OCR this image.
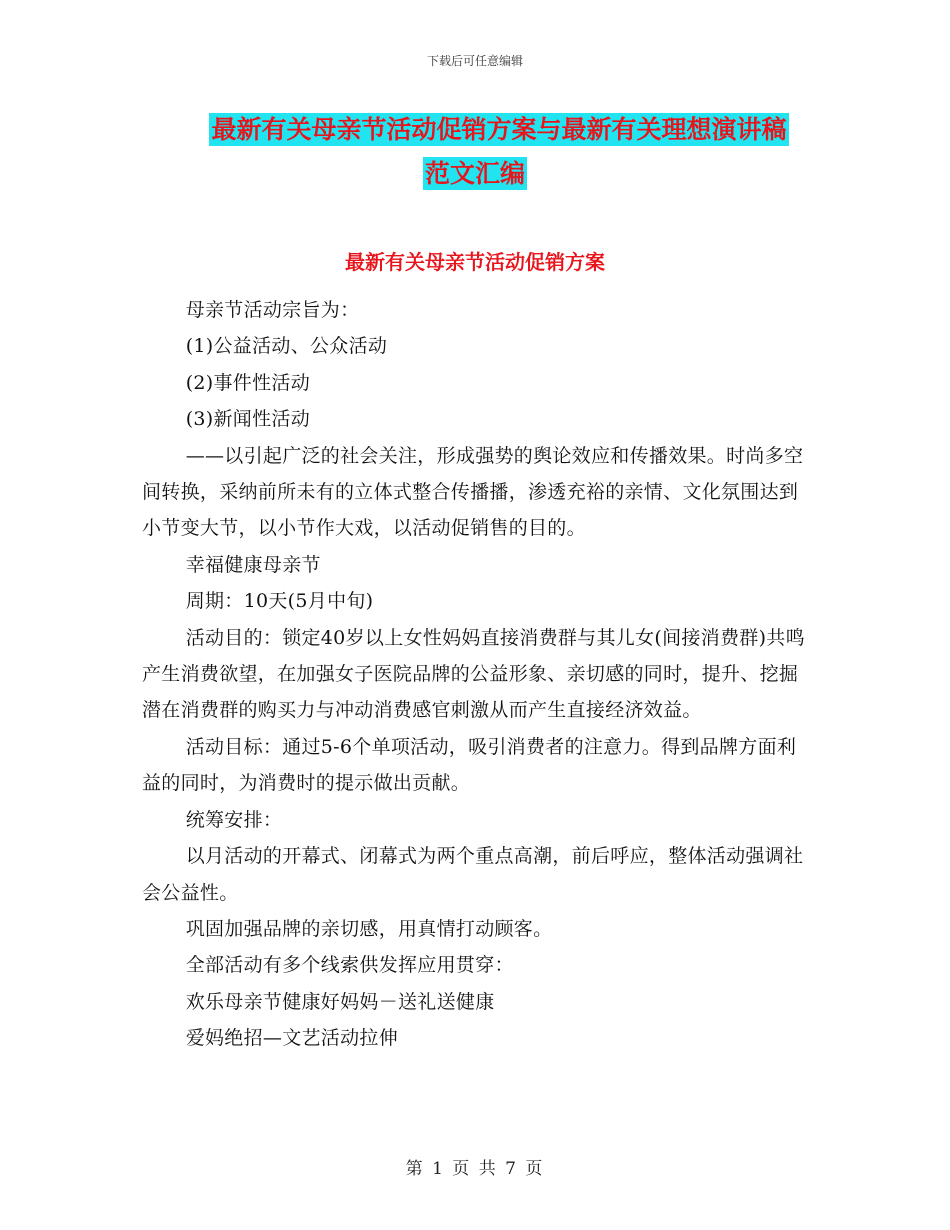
下载后可任意编辑
最新有关母亲节活动促销方案与最新有关理想演讲稿
范文汇编
最新有关母亲节活动促销方案

母亲节活动宗旨为：

(1)公益活动、公众活动

(2)事件性活动

(3)新闻性活动

——以引起广泛的社会关注，形成强势的舆论效应和传播效果。时尚多空间转换，采纳前所未有的立体式整合传播播，渗透充裕的亲情、文化氛围达到小节变大节，以小节作大戏，以活动促销售的目的。

幸福健康母亲节

周期：10天(5月中旬)

活动目的：锁定40岁以上女性妈妈直接消费群与其儿女(间接消费群)共鸣产生消费欲望，在加强女子医院品牌的公益形象、亲切感的同时，提升、挖掘潜在消费群的购买力与冲动消费感官刺激从而产生直接经济效益。

活动目标：通过5-6个单项活动，吸引消费者的注意力。得到品牌方面利益的同时，为消费时的提示做出贡献。

统筹安排：

以月活动的开幕式、闭幕式为两个重点高潮，前后呼应，整体活动强调社会公益性。

巩固加强品牌的亲切感，用真情打动顾客。

全部活动有多个线索供发挥应用贯穿：

欢乐母亲节健康好妈妈－送礼送健康

爱妈绝招—文艺活动拉伸

第 1 页 共 7 页
